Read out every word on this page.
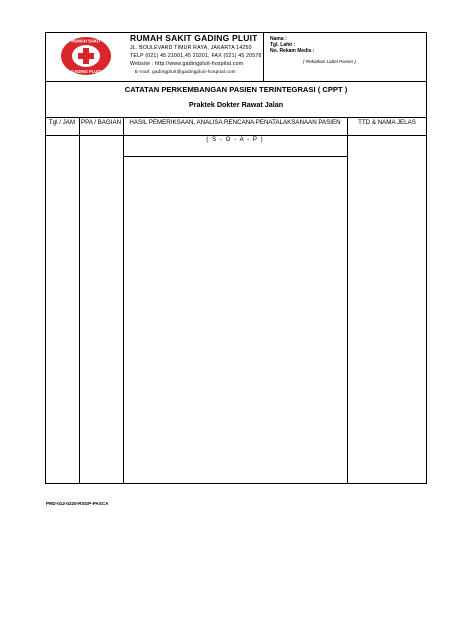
RUMAH SAKIT
GADING PLUIT
RUMAH SAKIT GADING PLUIT
JL. BOULEVARD TIMUR RAYA, JAKARTA 14250
TELP (021) 45 21001,45 20201, FAX (021) 45 20578
Website : http://www.gadingpluit-hospital.com
E-mail: gadingpluit@gadingpluit-hospital.com
Nama :
Tgl. Lahir :
No. Rekam Medis :
( Rekatkan Label Pasien )
CATATAN PERKEMBANGAN PASIEN TERINTEGRASI ( CPPT )
Praktek Dokter Rawat Jalan
Tgl / JAM PPA / BAGIAN	HASIL PEMERIKSAAN, ANALISA RENCANA PENATALAKSANAAN PASIEN	TTD & NAMA JELAS
( S - O - A - P )
PRD-012-0220-RSGP-PASCA
